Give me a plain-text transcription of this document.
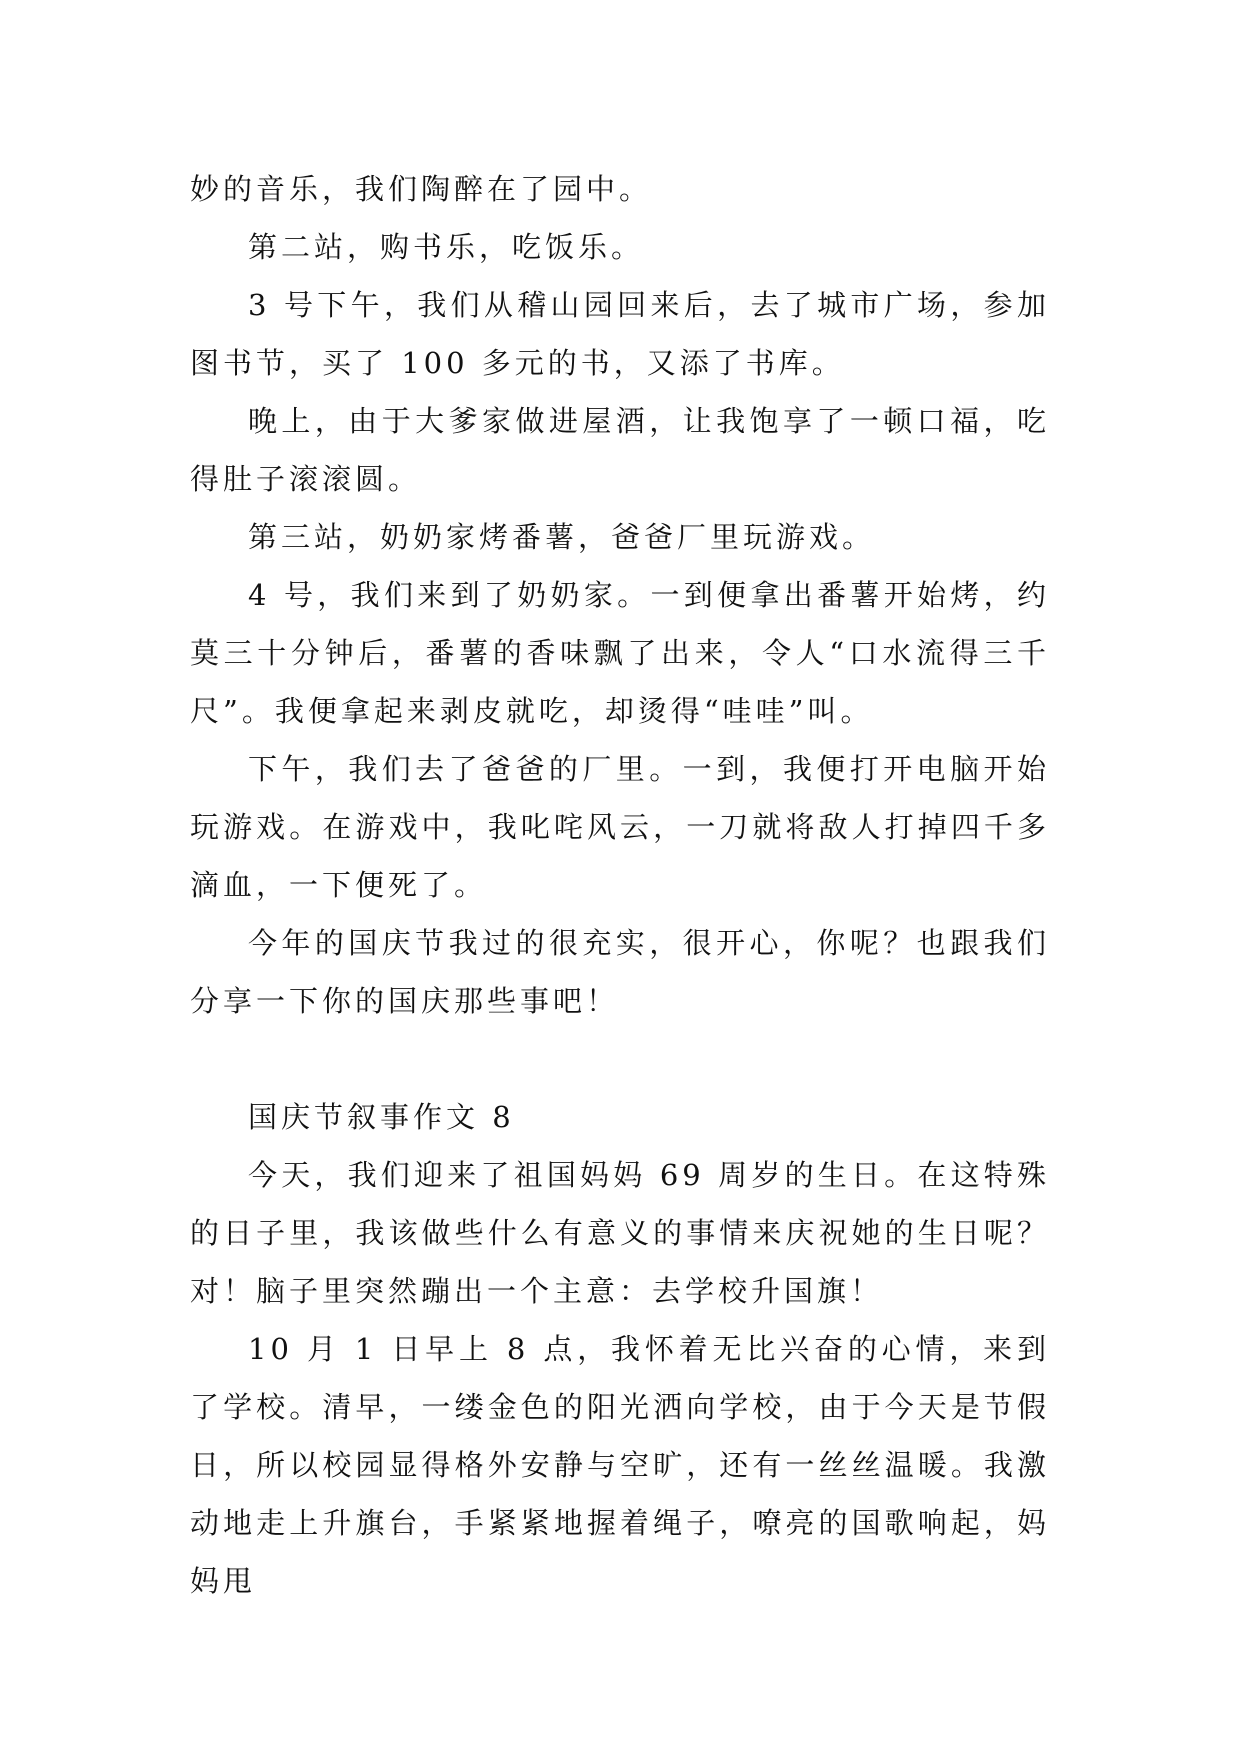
妙的音乐，我们陶醉在了园中。

第二站，购书乐，吃饭乐。

3 号下午，我们从稽山园回来后，去了城市广场，参加图书节，买了 100 多元的书，又添了书库。

晚上，由于大爹家做进屋酒，让我饱享了一顿口福，吃得肚子滚滚圆。

第三站，奶奶家烤番薯，爸爸厂里玩游戏。

4 号，我们来到了奶奶家。一到便拿出番薯开始烤，约莫三十分钟后，番薯的香味飘了出来，令人“口水流得三千尺”。我便拿起来剥皮就吃，却烫得“哇哇”叫。

下午，我们去了爸爸的厂里。一到，我便打开电脑开始玩游戏。在游戏中，我叱咤风云，一刀就将敌人打掉四千多滴血，一下便死了。

今年的国庆节我过的很充实，很开心，你呢？也跟我们分享一下你的国庆那些事吧！

国庆节叙事作文 8

今天，我们迎来了祖国妈妈 69 周岁的生日。在这特殊的日子里，我该做些什么有意义的事情来庆祝她的生日呢？对！脑子里突然蹦出一个主意：去学校升国旗！

10 月 1 日早上 8 点，我怀着无比兴奋的心情，来到了学校。清早，一缕金色的阳光洒向学校，由于今天是节假日，所以校园显得格外安静与空旷，还有一丝丝温暖。我激动地走上升旗台，手紧紧地握着绳子，嘹亮的国歌响起，妈妈甩
